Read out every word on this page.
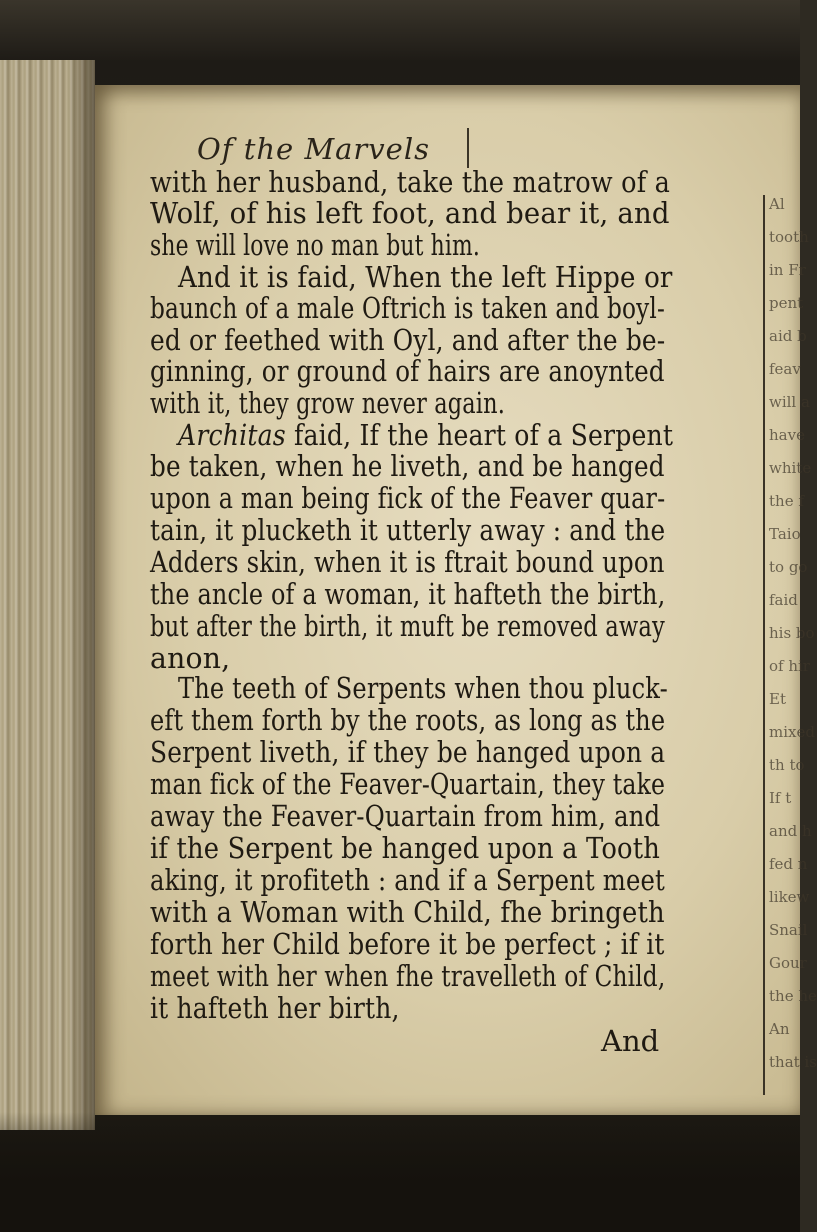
Al
tooth
in Fr
pent
aid b
feav
will a
have
white
the f
Taio
to go
faid
his bo
of hir
Et
mixed
th to
If t
and h
fed n
likew
Snail
Gour
the he
An
that is
Of the Marvels
with her husband, take the matrow of a
Wolf, of his left foot, and bear it, and
she will love no man but him.
And it is faid, When the left Hippe or
baunch of a male Oftrich is taken and boyl-
ed or feethed with Oyl, and after the be-
ginning, or ground of hairs are anoynted
with it, they grow never again.
Architas faid, If the heart of a Serpent
be taken, when he liveth, and be hanged
upon a man being fick of the Feaver quar-
tain, it plucketh it utterly away : and the
Adders skin, when it is ftrait bound upon
the ancle of a woman, it hafteth the birth,
but after the birth, it muft be removed away
anon,
The teeth of Serpents when thou pluck-
eft them forth by the roots, as long as the
Serpent liveth, if they be hanged upon a
man fick of the Feaver-Quartain, they take
away the Feaver-Quartain from him, and
if the Serpent be hanged upon a Tooth
aking, it profiteth : and if a Serpent meet
with a Woman with Child, fhe bringeth
forth her Child before it be perfect ; if it
meet with her when fhe travelleth of Child,
it hafteth her birth,
And
